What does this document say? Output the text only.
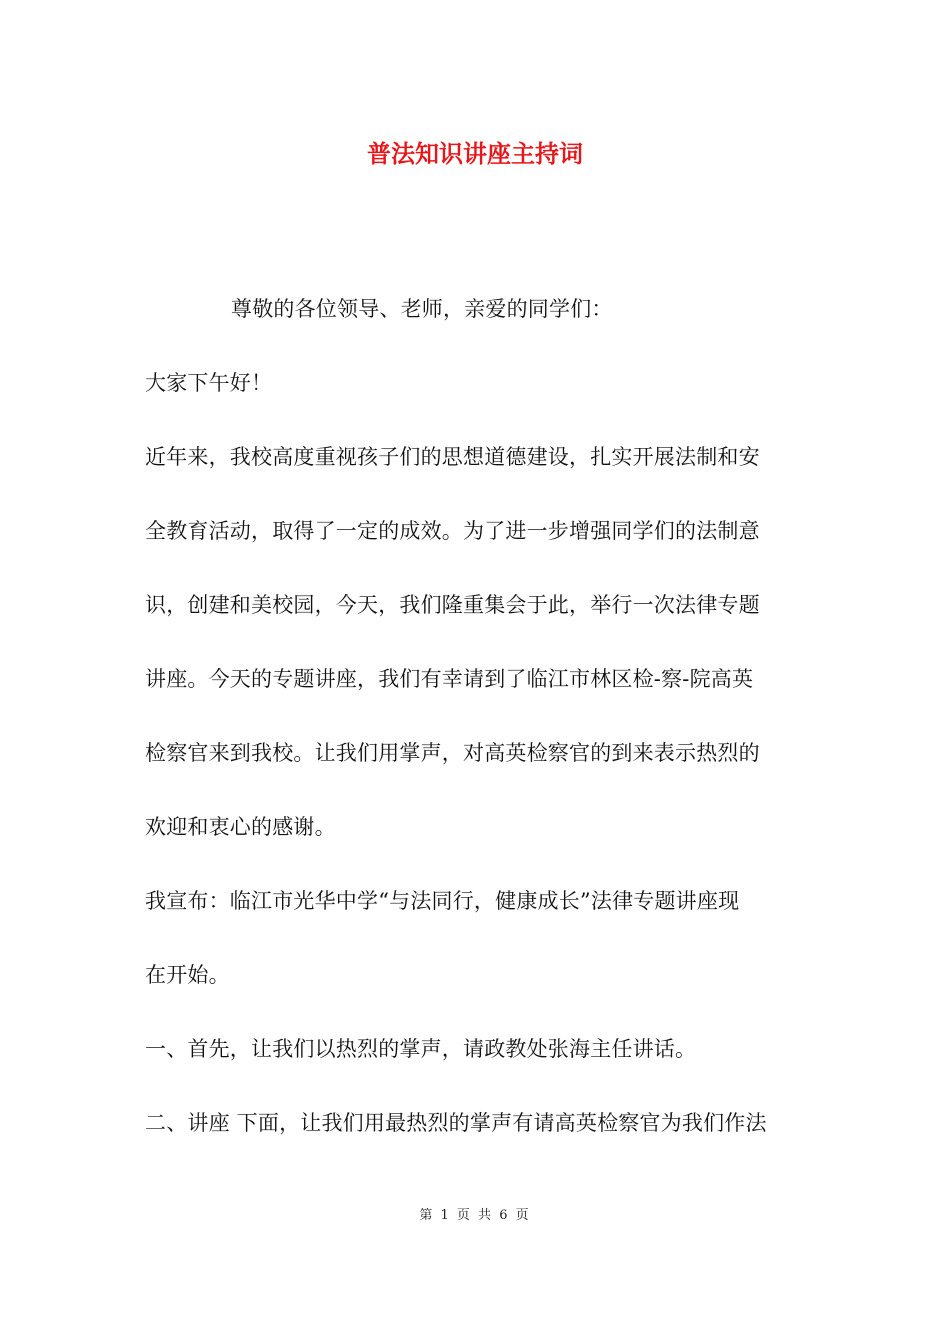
普法知识讲座主持词
尊敬的各位领导、老师，亲爱的同学们：
大家下午好！
近年来，我校高度重视孩子们的思想道德建设，扎实开展法制和安
全教育活动，取得了一定的成效。为了进一步增强同学们的法制意
识，创建和美校园，今天，我们隆重集会于此，举行一次法律专题
讲座。今天的专题讲座，我们有幸请到了临江市林区检-察-院高英
检察官来到我校。让我们用掌声，对高英检察官的到来表示热烈的
欢迎和衷心的感谢。
我宣布：临江市光华中学“与法同行，健康成长”法律专题讲座现
在开始。
一、首先，让我们以热烈的掌声，请政教处张海主任讲话。
二、讲座 下面，让我们用最热烈的掌声有请高英检察官为我们作法
第 1 页 共 6 页
